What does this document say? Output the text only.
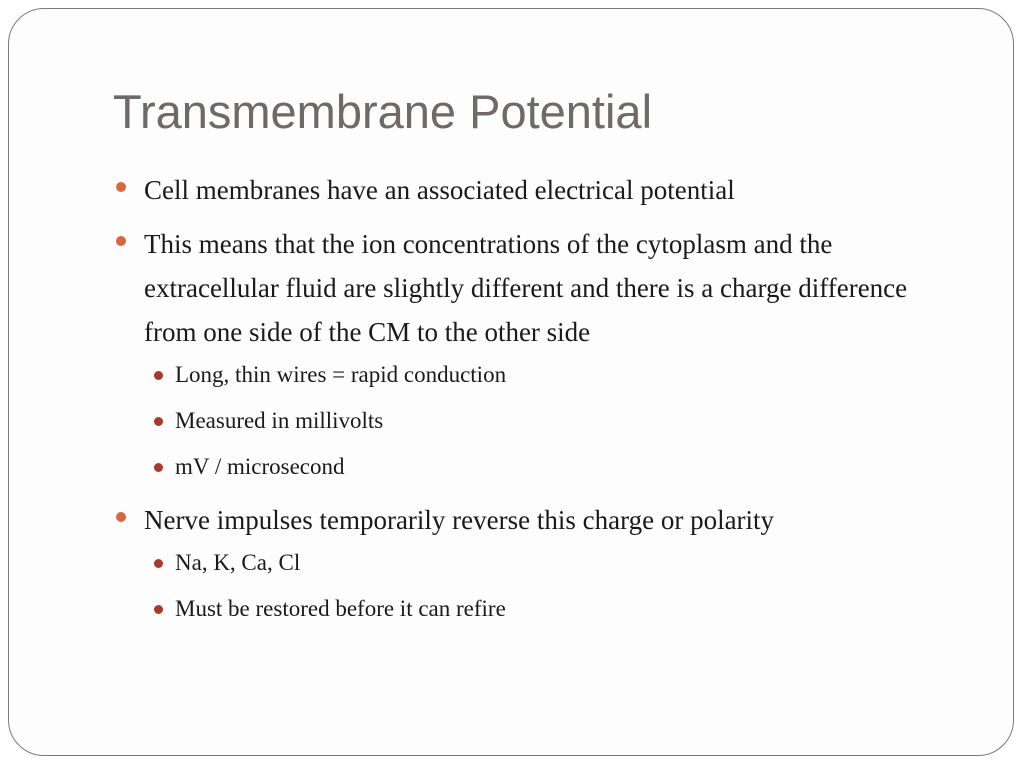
Transmembrane Potential
Cell membranes have an associated electrical potential
This means that the ion concentrations of the cytoplasm and the extracellular fluid are slightly different and there is a charge difference from one side of the CM to the other side
Long, thin wires = rapid conduction
Measured in millivolts
mV / microsecond
Nerve impulses temporarily reverse this charge or polarity
Na, K, Ca, Cl
Must be restored before it can refire
